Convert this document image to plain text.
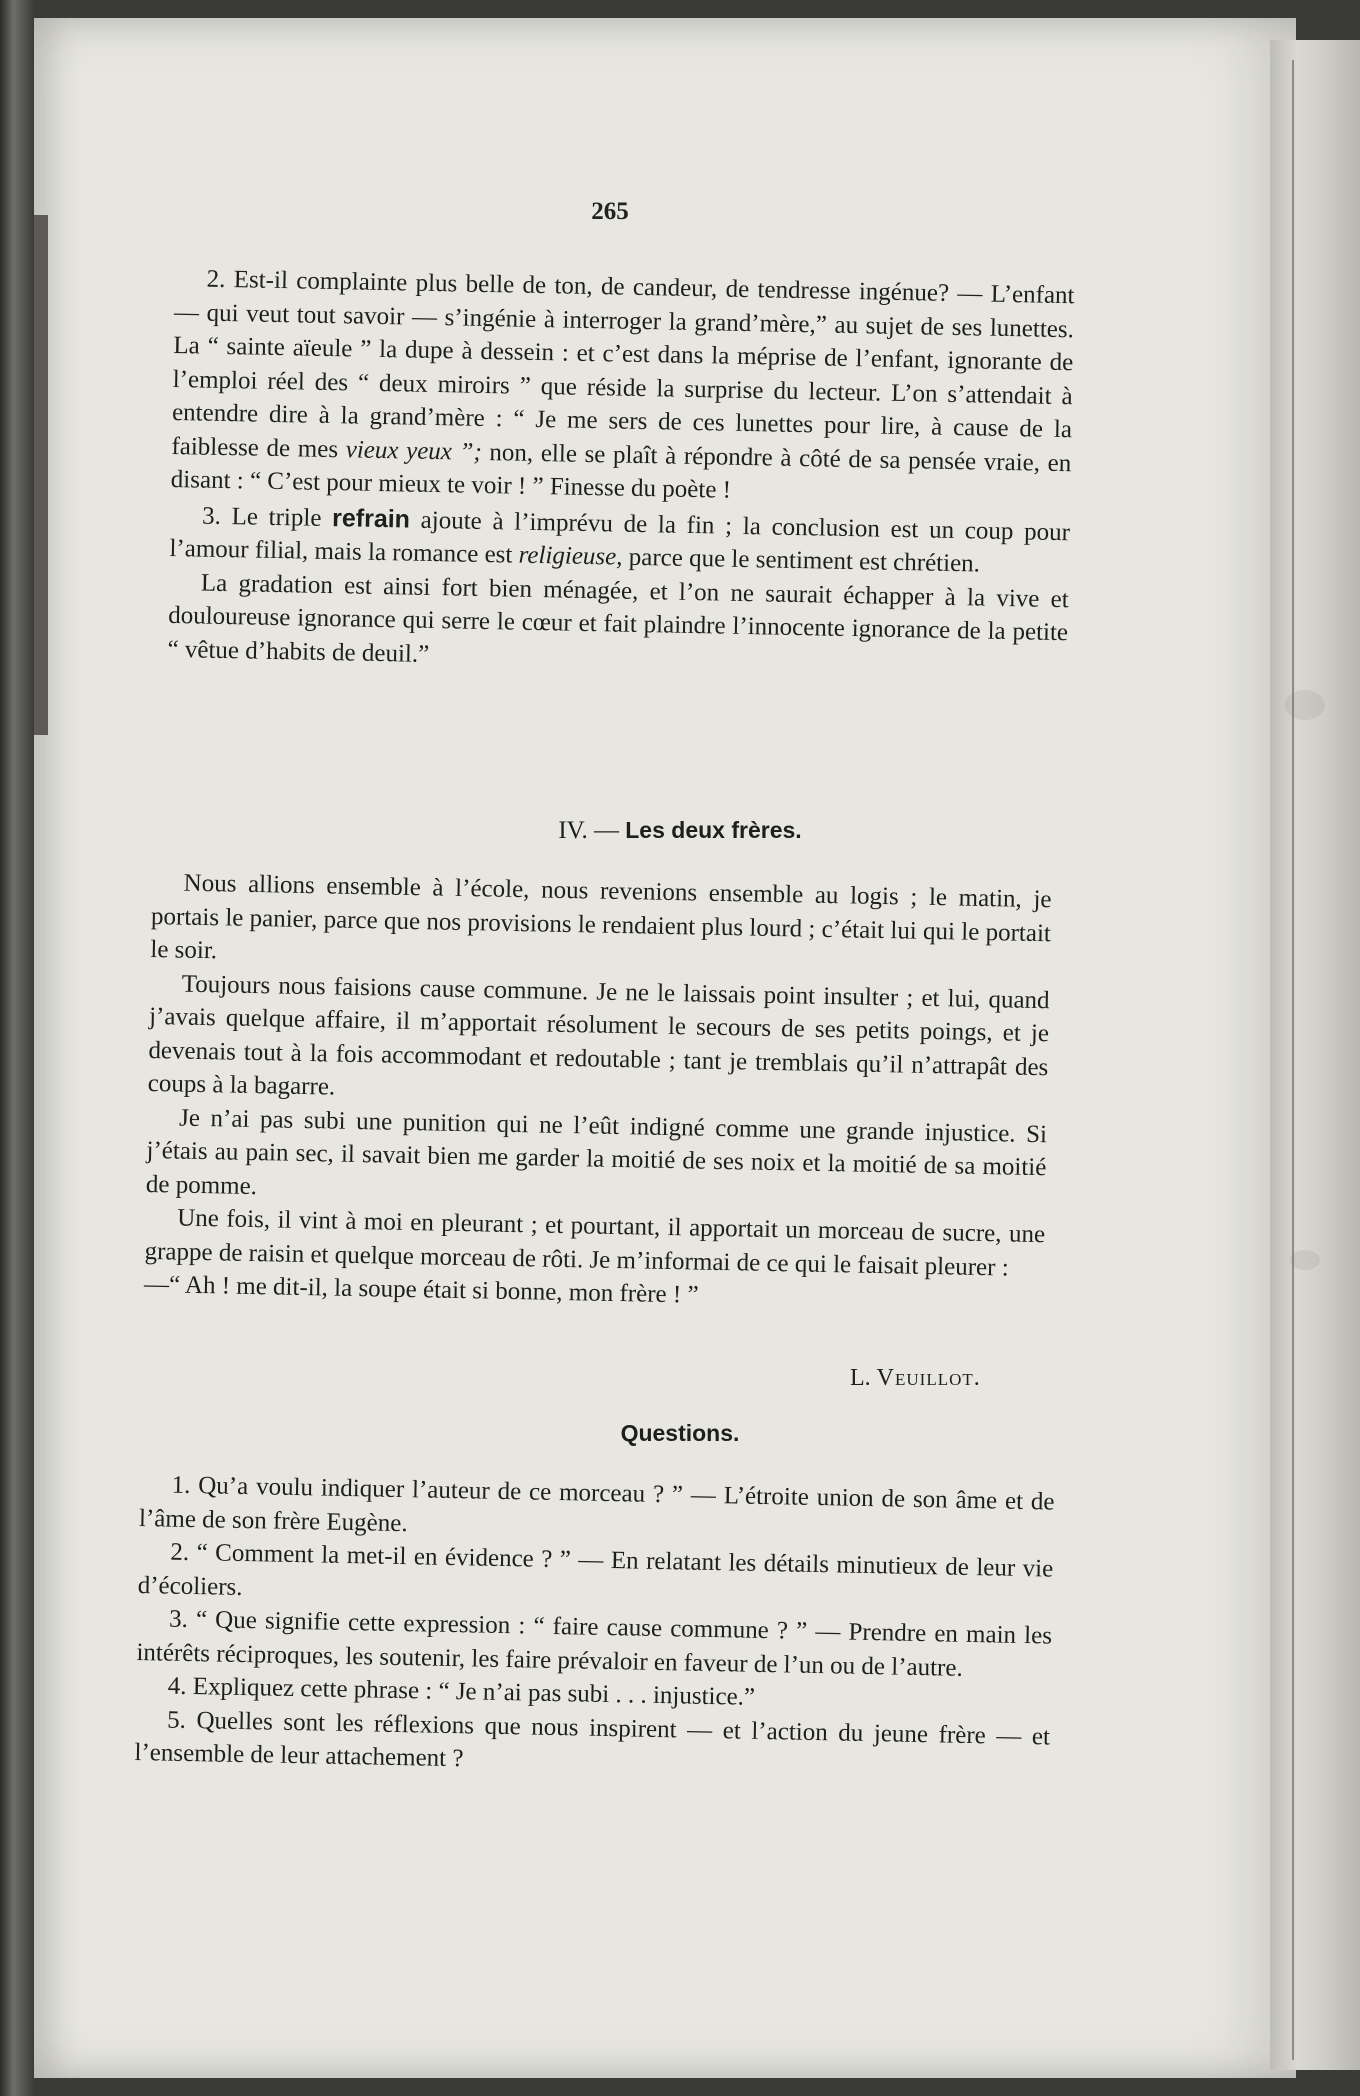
265

2. Est-il complainte plus belle de ton, de candeur, de tendresse ingénue? — L’enfant — qui veut tout savoir — s’ingénie à interroger la grand’mère,” au sujet de ses lunettes. La “ sainte aïeule ” la dupe à dessein : et c’est dans la méprise de l’enfant, ignorante de l’emploi réel des “ deux miroirs ” que réside la surprise du lecteur. L’on s’attendait à entendre dire à la grand’mère : “ Je me sers de ces lunettes pour lire, à cause de la faiblesse de mes vieux yeux ”; non, elle se plaît à répondre à côté de sa pensée vraie, en disant : “ C’est pour mieux te voir ! ” Finesse du poète !

3. Le triple refrain ajoute à l’imprévu de la fin ; la conclusion est un coup pour l’amour filial, mais la romance est religieuse, parce que le sentiment est chrétien.

La gradation est ainsi fort bien ménagée, et l’on ne saurait échapper à la vive et douloureuse ignorance qui serre le cœur et fait plaindre l’innocente ignorance de la petite “ vêtue d’habits de deuil.”

IV. — Les deux frères.

Nous allions ensemble à l’école, nous revenions ensemble au logis ; le matin, je portais le panier, parce que nos provisions le rendaient plus lourd ; c’était lui qui le portait le soir.

Toujours nous faisions cause commune. Je ne le laissais point insulter ; et lui, quand j’avais quelque affaire, il m’apportait résolument le secours de ses petits poings, et je devenais tout à la fois accommodant et redoutable ; tant je tremblais qu’il n’attrapât des coups à la bagarre.

Je n’ai pas subi une punition qui ne l’eût indigné comme une grande injustice. Si j’étais au pain sec, il savait bien me garder la moitié de ses noix et la moitié de sa moitié de pomme.

Une fois, il vint à moi en pleurant ; et pourtant, il apportait un morceau de sucre, une grappe de raisin et quelque morceau de rôti. Je m’informai de ce qui le faisait pleurer :

—“ Ah ! me dit-il, la soupe était si bonne, mon frère ! ”

L. Veuillot.
Questions.

1. Qu’a voulu indiquer l’auteur de ce morceau ? ” — L’étroite union de son âme et de l’âme de son frère Eugène.

2. “ Comment la met-il en évidence ? ” — En relatant les détails minutieux de leur vie d’écoliers.

3. “ Que signifie cette expression : “ faire cause commune ? ” — Prendre en main les intérêts réciproques, les soutenir, les faire prévaloir en faveur de l’un ou de l’autre.

4. Expliquez cette phrase : “ Je n’ai pas subi . . . injustice.”

5. Quelles sont les réflexions que nous inspirent — et l’action du jeune frère — et l’ensemble de leur attachement ?
